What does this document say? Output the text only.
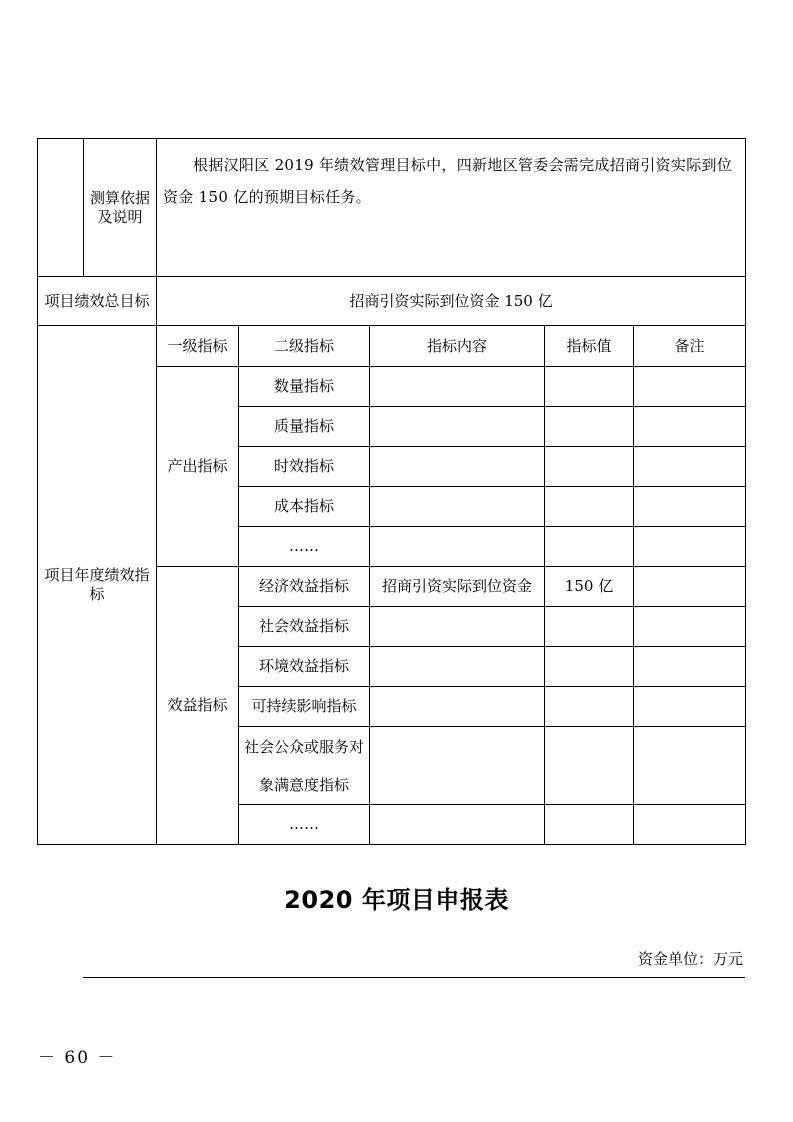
	测算依据及说明	根据汉阳区 2019 年绩效管理目标中，四新地区管委会需完成招商引资实际到位资金 150 亿的预期目标任务。				
项目绩效总目标		招商引资实际到位资金 150 亿				
项目年度绩效指标		一级指标	二级指标	指标内容	指标值	备注
		产出指标	数量指标			
			质量指标			
			时效指标			
			成本指标			
			……			
		效益指标	经济效益指标	招商引资实际到位资金	150 亿	
			社会效益指标			
			环境效益指标			
			可持续影响指标			
			社会公众或服务对象满意度指标			
			……			
2020 年项目申报表
资金单位：万元
－ 60 －
